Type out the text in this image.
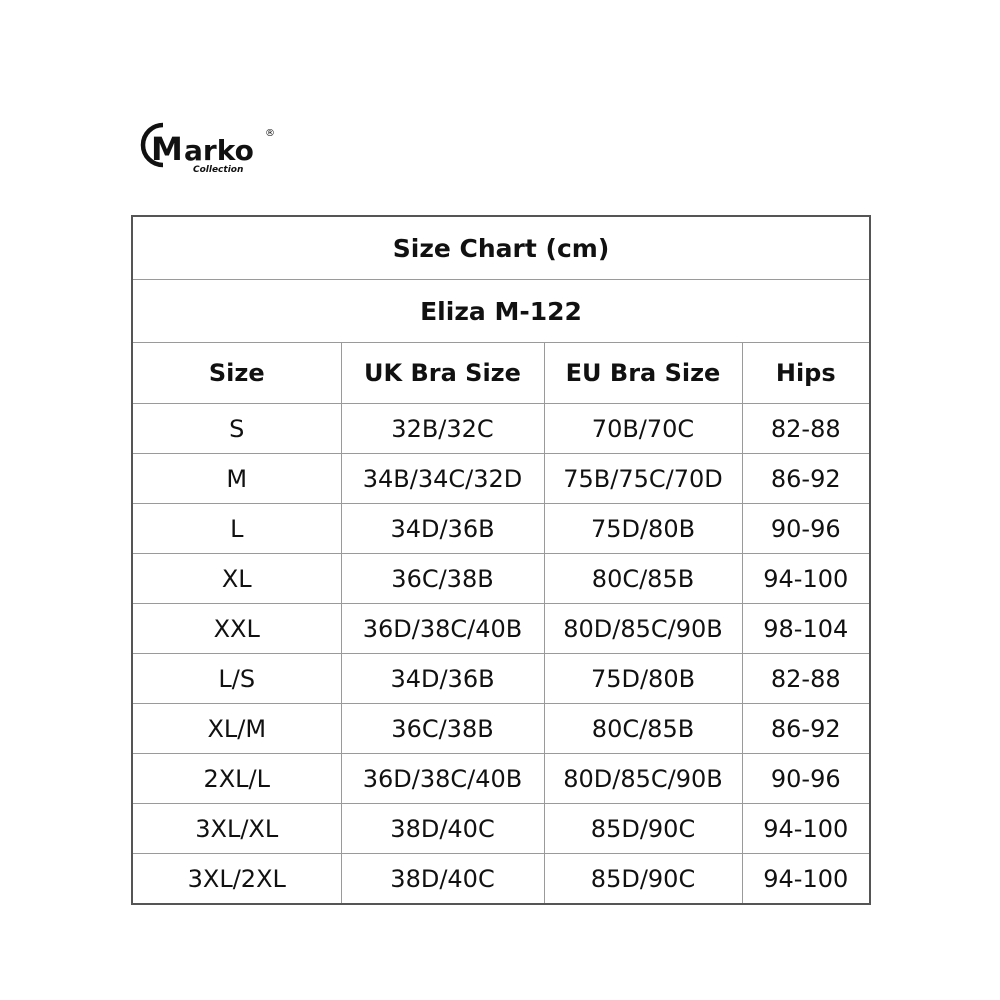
M arko
®
Collection
Size Chart (cm)			
Eliza M-122			
Size	UK Bra Size	EU Bra Size	Hips
S	32B/32C	70B/70C	82-88
M	34B/34C/32D	75B/75C/70D	86-92
L	34D/36B	75D/80B	90-96
XL	36C/38B	80C/85B	94-100
XXL	36D/38C/40B	80D/85C/90B	98-104
L/S	34D/36B	75D/80B	82-88
XL/M	36C/38B	80C/85B	86-92
2XL/L	36D/38C/40B	80D/85C/90B	90-96
3XL/XL	38D/40C	85D/90C	94-100
3XL/2XL	38D/40C	85D/90C	94-100
